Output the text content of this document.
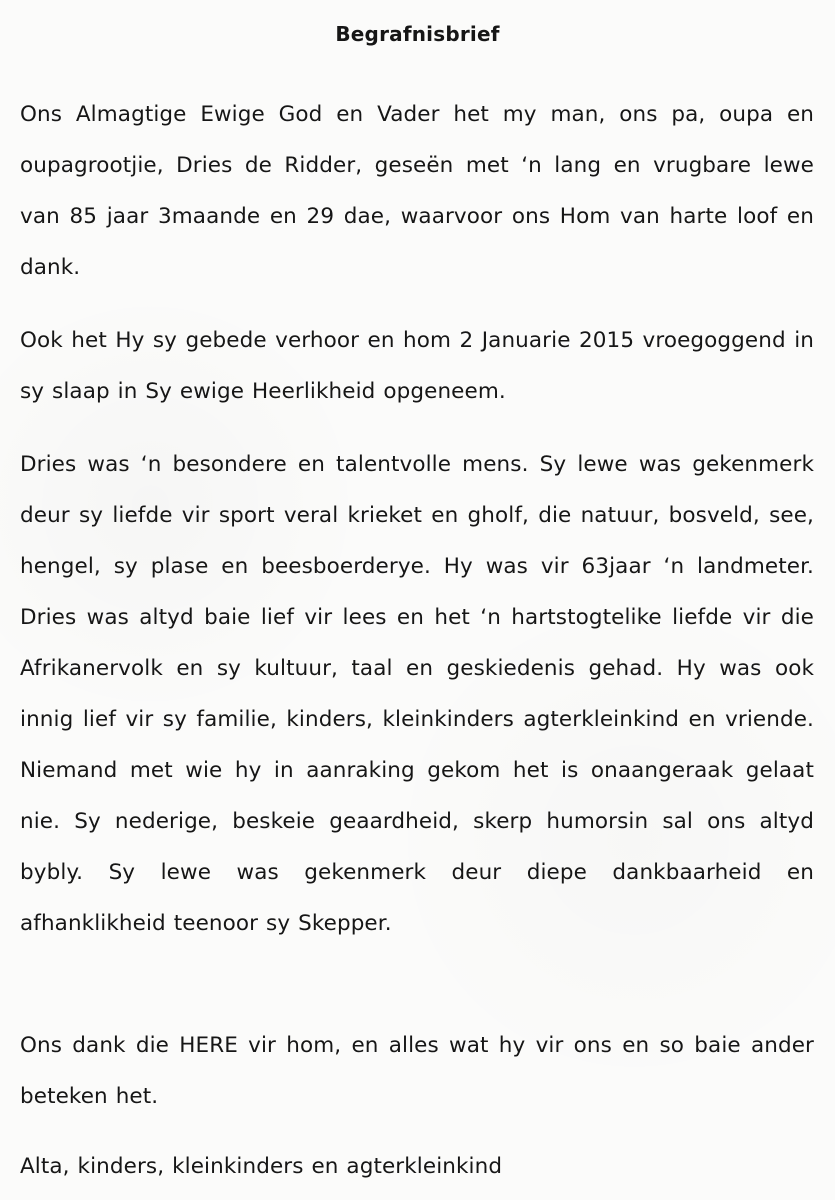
Begrafnisbrief
Ons Almagtige Ewige God en Vader het my man, ons pa, oupa en oupagrootjie, Dries de Ridder, geseën met ‘n lang en vrugbare lewe van 85 jaar 3maande en 29 dae, waarvoor ons Hom van harte loof en dank.
Ook het Hy sy gebede verhoor en hom 2 Januarie 2015 vroegoggend in sy slaap in Sy ewige Heerlikheid opgeneem.
Dries was ‘n besondere en talentvolle mens. Sy lewe was gekenmerk deur sy liefde vir sport veral krieket en gholf, die natuur, bosveld, see, hengel, sy plase en beesboerderye. Hy was vir 63jaar ‘n landmeter. Dries was altyd baie lief vir lees en het ‘n hartstogtelike liefde vir die Afrikanervolk en sy kultuur, taal en geskiedenis gehad. Hy was ook innig lief vir sy familie, kinders, kleinkinders agterkleinkind en vriende. Niemand met wie hy in aanraking gekom het is onaangeraak gelaat nie. Sy nederige, beskeie geaardheid, skerp humorsin sal ons altyd bybly. Sy lewe was gekenmerk deur diepe dankbaarheid en afhanklikheid teenoor sy Skepper.
Ons dank die HERE vir hom, en alles wat hy vir ons en so baie ander beteken het.
Alta, kinders, kleinkinders en agterkleinkind
